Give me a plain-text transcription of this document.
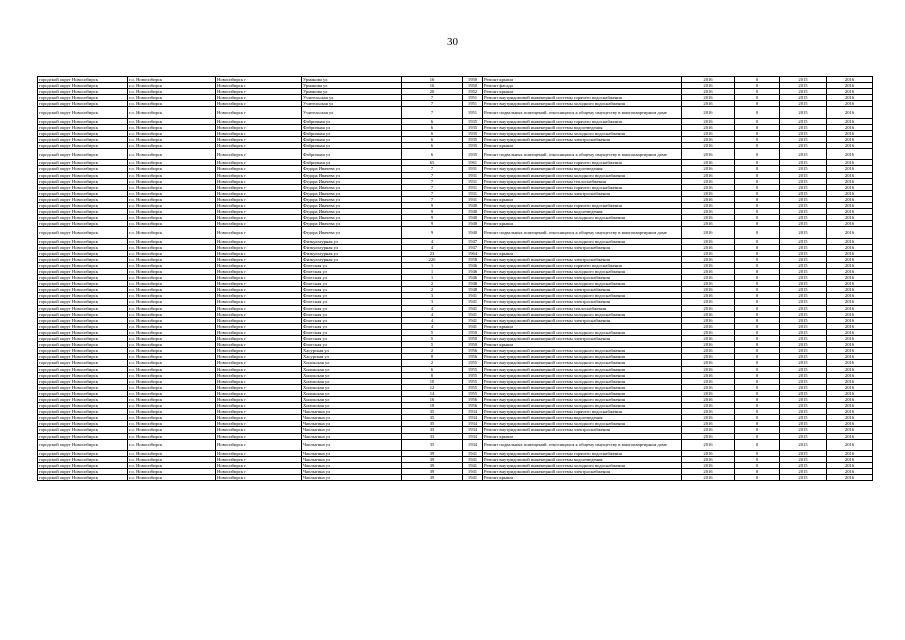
30
городской округ Новосибирск	г.о. Новосибирск	Новосибирск г	Урманова ул	16	1950	Ремонт крыши	2016	0	2015	2016
городской округ Новосибирск	г.о. Новосибирск	Новосибирск г	Урманова ул	16	1950	Ремонт фасада	2016	0	2015	2016
городской округ Новосибирск	г.о. Новосибирск	Новосибирск г	Урманова ул	20	1952	Ремонт крыши	2016	0	2015	2016
городской округ Новосибирск	г.о. Новосибирск	Новосибирск г	Учительская ул	7	1951	Ремонт внутридомовой инженерной системы горячего водоснабжения	2016	0	2015	2016
городской округ Новосибирск	г.о. Новосибирск	Новосибирск г	Учительская ул	7	1951	Ремонт внутридомовой инженерной системы холодного водоснабжения	2016	0	2015	2016
городской округ Новосибирск	г.о. Новосибирск	Новосибирск г	Учительская ул	7	1951	Ремонт подвальных помещений, относящихся к общему имуществу в многоквартирном доме	2016	0	2015	2016
городской округ Новосибирск	г.о. Новосибирск	Новосибирск г	Фабричная ул	6	1935	Ремонт внутридомовой инженерной системы горячего водоснабжения	2016	0	2015	2016
городской округ Новосибирск	г.о. Новосибирск	Новосибирск г	Фабричная ул	6	1935	Ремонт внутридомовой инженерной системы водоотведения	2016	0	2015	2016
городской округ Новосибирск	г.о. Новосибирск	Новосибирск г	Фабричная ул	6	1935	Ремонт внутридомовой инженерной системы холодного водоснабжения	2016	0	2015	2016
городской округ Новосибирск	г.о. Новосибирск	Новосибирск г	Фабричная ул	6	1935	Ремонт внутридомовой инженерной системы электроснабжения	2016	0	2015	2016
городской округ Новосибирск	г.о. Новосибирск	Новосибирск г	Фабричная ул	6	1935	Ремонт крыши	2016	0	2015	2016
городской округ Новосибирск	г.о. Новосибирск	Новосибирск г	Фабричная ул	6	1935	Ремонт подвальных помещений, относящихся к общему имуществу в многоквартирном доме	2016	0	2015	2016
городской округ Новосибирск	г.о. Новосибирск	Новосибирск г	Фабричная ул	65	1961	Ремонт внутридомовой инженерной системы горячего водоснабжения	2016	0	2015	2016
городской округ Новосибирск	г.о. Новосибирск	Новосибирск г	Федора Ивачева ул	7	1931	Ремонт внутридомовой инженерной системы водоотведения	2016	0	2015	2016
городской округ Новосибирск	г.о. Новосибирск	Новосибирск г	Федора Ивачева ул	7	1931	Ремонт внутридомовой инженерной системы холодного водоснабжения	2016	0	2015	2016
городской округ Новосибирск	г.о. Новосибирск	Новосибирск г	Федора Ивачева ул	7	1931	Ремонт внутридомовой инженерной системы теплоснабжения	2016	0	2015	2016
городской округ Новосибирск	г.о. Новосибирск	Новосибирск г	Федора Ивачева ул	7	1931	Ремонт внутридомовой инженерной системы горячего водоснабжения	2016	0	2015	2016
городской округ Новосибирск	г.о. Новосибирск	Новосибирск г	Федора Ивачева ул	7	1931	Ремонт внутридомовой инженерной системы электроснабжения	2016	0	2015	2016
городской округ Новосибирск	г.о. Новосибирск	Новосибирск г	Федора Ивачева ул	7	1931	Ремонт крыши	2016	0	2015	2016
городской округ Новосибирск	г.о. Новосибирск	Новосибирск г	Федора Ивачева ул	9	1940	Ремонт внутридомовой инженерной системы горячего водоснабжения	2016	0	2015	2016
городской округ Новосибирск	г.о. Новосибирск	Новосибирск г	Федора Ивачева ул	9	1940	Ремонт внутридомовой инженерной системы водоотведения	2016	0	2015	2016
городской округ Новосибирск	г.о. Новосибирск	Новосибирск г	Федора Ивачева ул	9	1940	Ремонт внутридомовой инженерной системы холодного водоснабжения	2016	0	2015	2016
городской округ Новосибирск	г.о. Новосибирск	Новосибирск г	Федора Ивачева ул	9	1940	Ремонт крыши	2016	0	2015	2016
городской округ Новосибирск	г.о. Новосибирск	Новосибирск г	Федора Ивачева ул	9	1940	Ремонт подвальных помещений, относящихся к общему имуществу в многоквартирном доме	2016	0	2015	2016
городской округ Новосибирск	г.о. Новосибирск	Новосибирск г	Физкультурная ул	4	1947	Ремонт внутридомовой инженерной системы холодного водоснабжения	2016	0	2015	2016
городской округ Новосибирск	г.о. Новосибирск	Новосибирск г	Физкультурная ул	4	1947	Ремонт внутридомовой инженерной системы электроснабжения	2016	0	2015	2016
городской округ Новосибирск	г.о. Новосибирск	Новосибирск г	Физкультурная ул	23	1964	Ремонт крыши	2016	0	2015	2016
городской округ Новосибирск	г.о. Новосибирск	Новосибирск г	Физкультурная ул	22б	1958	Ремонт внутридомовой инженерной системы электроснабжения	2016	0	2015	2016
городской округ Новосибирск	г.о. Новосибирск	Новосибирск г	Флотская ул	1	1946	Ремонт внутридомовой инженерной системы горячего водоснабжения	2016	0	2015	2016
городской округ Новосибирск	г.о. Новосибирск	Новосибирск г	Флотская ул	1	1946	Ремонт внутридомовой инженерной системы холодного водоснабжения	2016	0	2015	2016
городской округ Новосибирск	г.о. Новосибирск	Новосибирск г	Флотская ул	1	1946	Ремонт внутридомовой инженерной системы электроснабжения	2016	0	2015	2016
городской округ Новосибирск	г.о. Новосибирск	Новосибирск г	Флотская ул	2	1948	Ремонт внутридомовой инженерной системы холодного водоснабжения	2016	0	2015	2016
городской округ Новосибирск	г.о. Новосибирск	Новосибирск г	Флотская ул	2	1948	Ремонт внутридомовой инженерной системы электроснабжения	2016	0	2015	2016
городской округ Новосибирск	г.о. Новосибирск	Новосибирск г	Флотская ул	3	1941	Ремонт внутридомовой инженерной системы холодного водоснабжения	2016	0	2015	2016
городской округ Новосибирск	г.о. Новосибирск	Новосибирск г	Флотская ул	3	1941	Ремонт внутридомовой инженерной системы электроснабжения	2016	0	2015	2016
городской округ Новосибирск	г.о. Новосибирск	Новосибирск г	Флотская ул	4	1941	Ремонт внутридомовой инженерной системы теплоснабжения	2016	0	2015	2016
городской округ Новосибирск	г.о. Новосибирск	Новосибирск г	Флотская ул	4	1941	Ремонт внутридомовой инженерной системы холодного водоснабжения	2016	0	2015	2016
городской округ Новосибирск	г.о. Новосибирск	Новосибирск г	Флотская ул	4	1941	Ремонт внутридомовой инженерной системы электроснабжения	2016	0	2015	2016
городской округ Новосибирск	г.о. Новосибирск	Новосибирск г	Флотская ул	4	1941	Ремонт крыши	2016	0	2015	2016
городской округ Новосибирск	г.о. Новосибирск	Новосибирск г	Флотская ул	5	1950	Ремонт внутридомовой инженерной системы холодного водоснабжения	2016	0	2015	2016
городской округ Новосибирск	г.о. Новосибирск	Новосибирск г	Флотская ул	5	1950	Ремонт внутридомовой инженерной системы электроснабжения	2016	0	2015	2016
городской округ Новосибирск	г.о. Новосибирск	Новосибирск г	Флотская ул	5	1950	Ремонт крыши	2016	0	2015	2016
городской округ Новосибирск	г.о. Новосибирск	Новосибирск г	Хасурская ул	2	1956	Ремонт внутридомовой инженерной системы холодного водоснабжения	2016	0	2015	2016
городской округ Новосибирск	г.о. Новосибирск	Новосибирск г	Хасурская ул	8	1956	Ремонт внутридомовой инженерной системы холодного водоснабжения	2016	0	2015	2016
городской округ Новосибирск	г.о. Новосибирск	Новосибирск г	Хилокская ул	2	1955	Ремонт внутридомовой инженерной системы холодного водоснабжения	2016	0	2015	2016
городской округ Новосибирск	г.о. Новосибирск	Новосибирск г	Хилокская ул	6	1955	Ремонт внутридомовой инженерной системы холодного водоснабжения	2016	0	2015	2016
городской округ Новосибирск	г.о. Новосибирск	Новосибирск г	Хилокская ул	8	1955	Ремонт внутридомовой инженерной системы холодного водоснабжения	2016	0	2015	2016
городской округ Новосибирск	г.о. Новосибирск	Новосибирск г	Хилокская ул	10	1955	Ремонт внутридомовой инженерной системы холодного водоснабжения	2016	0	2015	2016
городской округ Новосибирск	г.о. Новосибирск	Новосибирск г	Хилокская ул	12	1955	Ремонт внутридомовой инженерной системы холодного водоснабжения	2016	0	2015	2016
городской округ Новосибирск	г.о. Новосибирск	Новосибирск г	Хилокская ул	14	1955	Ремонт внутридомовой инженерной системы холодного водоснабжения	2016	0	2015	2016
городской округ Новосибирск	г.о. Новосибирск	Новосибирск г	Хилокская ул	16	1956	Ремонт внутридомовой инженерной системы холодного водоснабжения	2016	0	2015	2016
городской округ Новосибирск	г.о. Новосибирск	Новосибирск г	Хилокская ул	18	1956	Ремонт внутридомовой инженерной системы холодного водоснабжения	2016	0	2015	2016
городской округ Новосибирск	г.о. Новосибирск	Новосибирск г	Чаплыгина ул	35	1934	Ремонт внутридомовой инженерной системы горячего водоснабжения	2016	0	2015	2016
городской округ Новосибирск	г.о. Новосибирск	Новосибирск г	Чаплыгина ул	35	1934	Ремонт внутридомовой инженерной системы водоотведения	2016	0	2015	2016
городской округ Новосибирск	г.о. Новосибирск	Новосибирск г	Чаплыгина ул	35	1934	Ремонт внутридомовой инженерной системы холодного водоснабжения	2016	0	2015	2016
городской округ Новосибирск	г.о. Новосибирск	Новосибирск г	Чаплыгина ул	33	1934	Ремонт внутридомовой инженерной системы электроснабжения	2016	0	2015	2016
городской округ Новосибирск	г.о. Новосибирск	Новосибирск г	Чаплыгина ул	33	1934	Ремонт крыши	2016	0	2015	2016
городской округ Новосибирск	г.о. Новосибирск	Новосибирск г	Чаплыгина ул	35	1934	Ремонт подвальных помещений, относящихся к общему имуществу в многоквартирном доме	2016	0	2015	2016
городской округ Новосибирск	г.о. Новосибирск	Новосибирск г	Чаплыгина ул	39	1941	Ремонт внутридомовой инженерной системы горячего водоснабжения	2016	0	2015	2016
городской округ Новосибирск	г.о. Новосибирск	Новосибирск г	Чаплыгина ул	39	1941	Ремонт внутридомовой инженерной системы водоотведения	2016	0	2015	2016
городской округ Новосибирск	г.о. Новосибирск	Новосибирск г	Чаплыгина ул	39	1941	Ремонт внутридомовой инженерной системы холодного водоснабжения	2016	0	2015	2016
городской округ Новосибирск	г.о. Новосибирск	Новосибирск г	Чаплыгина ул	39	1941	Ремонт внутридомовой инженерной системы электроснабжения	2016	0	2015	2016
городской округ Новосибирск	г.о. Новосибирск	Новосибирск г	Чаплыгина ул	39	1941	Ремонт крыши	2016	0	2015	2016
